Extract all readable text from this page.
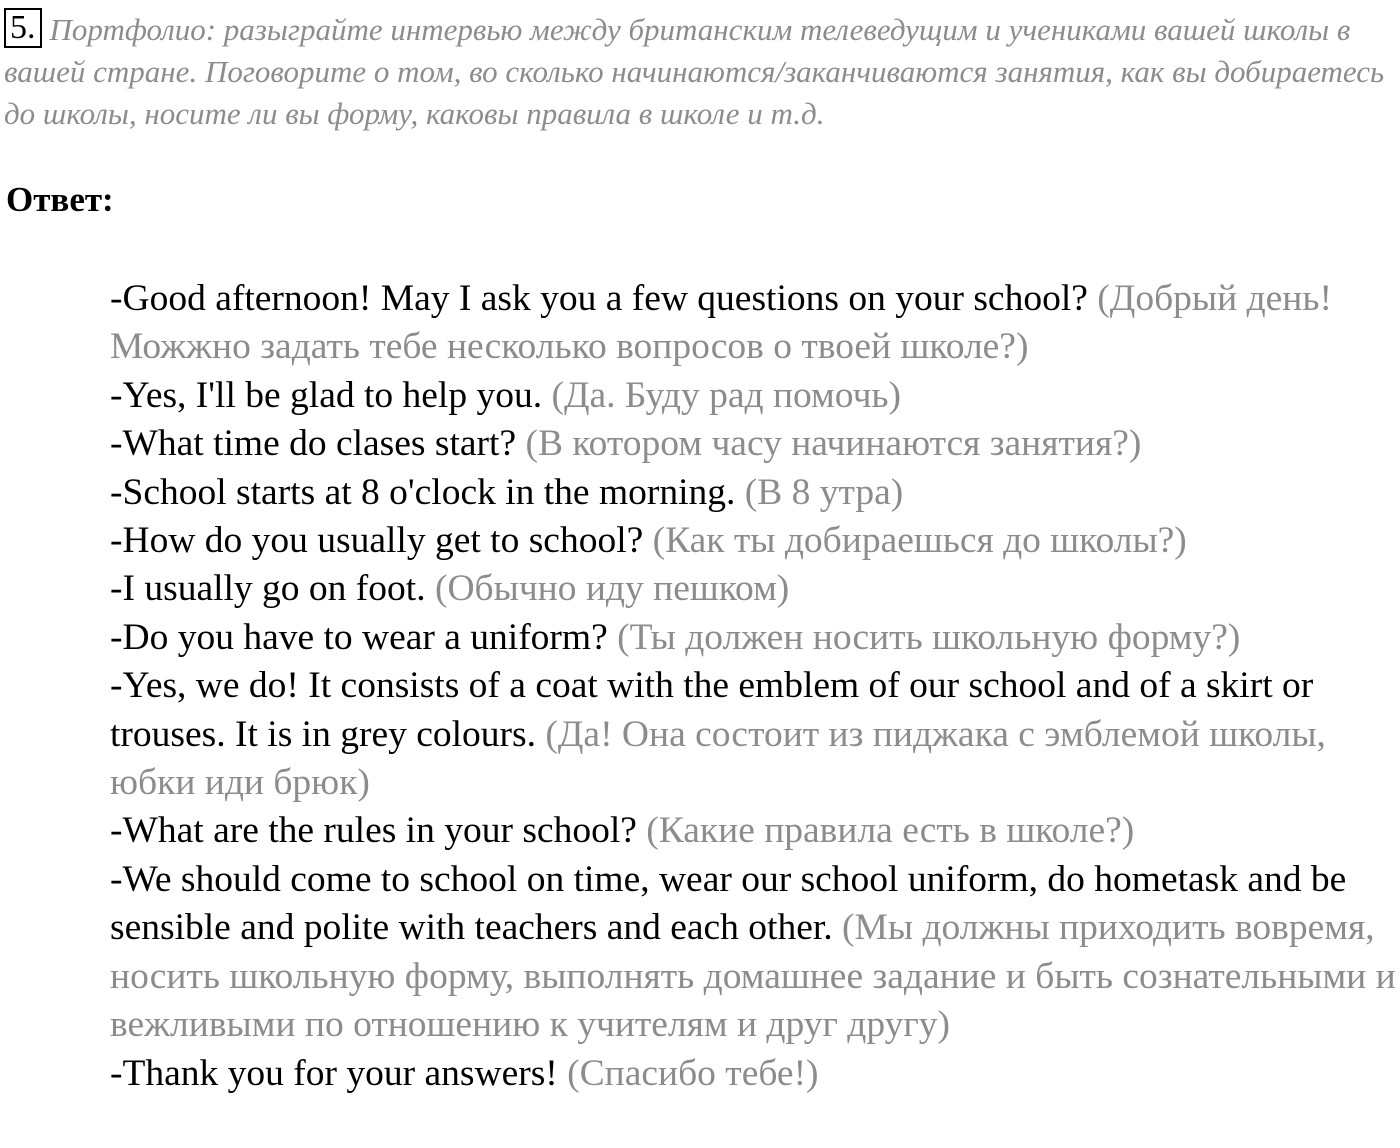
5. Портфолио: разыграйте интервью между британским телеведущим и учениками вашей школы в вашей стране. Поговорите о том, во сколько начинаются/заканчиваются занятия, как вы добираетесь до школы, носите ли вы форму, каковы правила в школе и т.д.
Ответ:

-Good afternoon! May I ask you a few questions on your school? (Добрый день! Можжно задать тебе несколько вопросов о твоей школе?)

-Yes, I'll be glad to help you. (Да. Буду рад помочь)

-What time do clases start? (В котором часу начинаются занятия?)

-School starts at 8 o'clock in the morning. (В 8 утра)

-How do you usually get to school? (Как ты добираешься до школы?)

-I usually go on foot. (Обычно иду пешком)

-Do you have to wear a uniform? (Ты должен носить школьную форму?)

-Yes, we do! It consists of a coat with the emblem of our school and of a skirt or trouses. It is in grey colours. (Да! Она состоит из пиджака с эмблемой школы, юбки иди брюк)

-What are the rules in your school? (Какие правила есть в школе?)

-We should come to school on time, wear our school uniform, do hometask and be sensible and polite with teachers and each other. (Мы должны приходить вовремя, носить школьную форму, выполнять домашнее задание и быть сознательными и вежливыми по отношению к учителям и друг другу)

-Thank you for your answers! (Спасибо тебе!)
